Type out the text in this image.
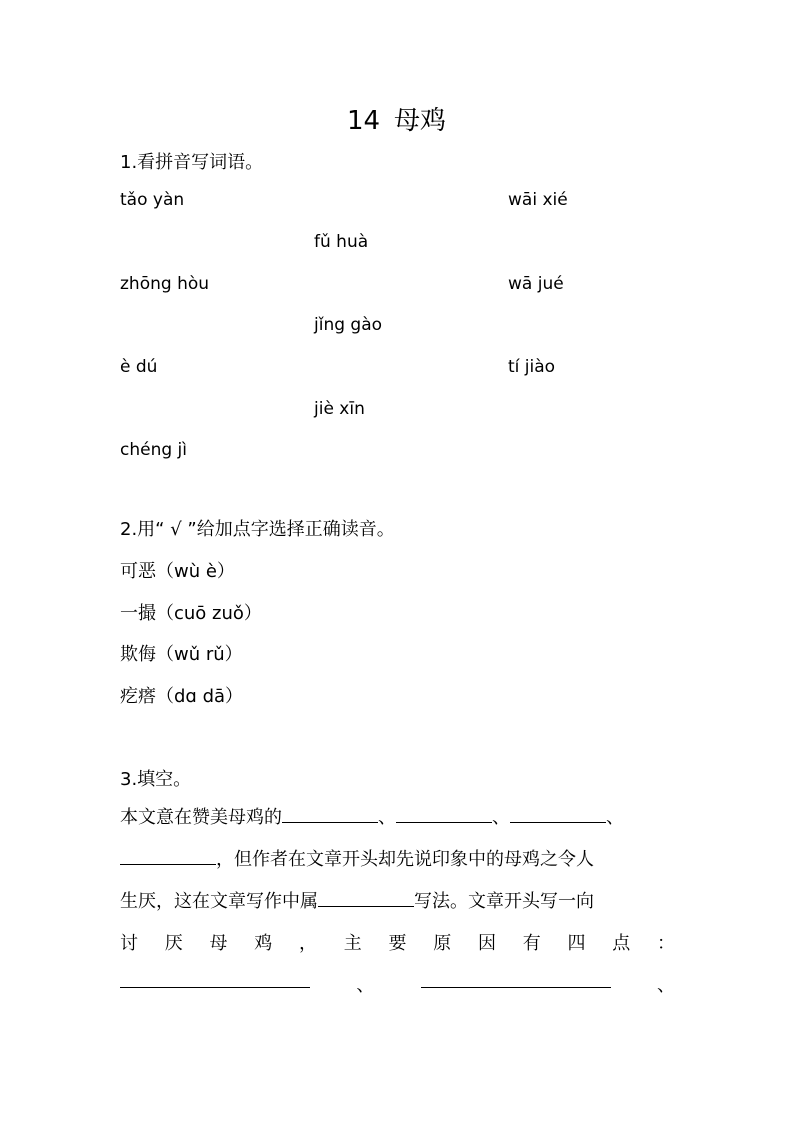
14 母鸡
1.看拼音写词语。
tǎo yàn	wāi xié
fǔ huà
zhōng hòu	wā jué
jǐng gào
è dú	tí jiào
jiè xīn
chéng jì
2.用“ √ ”给加点字选择正确读音。
可恶（wù è）
一撮（cuō zuǒ）
欺侮（wǔ rǔ）
疙瘩（dɑ dā）
3.填空。
本文意在赞美母鸡的	、	、	、
，但作者在文章开头却先说印象中的母鸡之令人
生厌，这在文章写作中属	写法。文章开头写一向
讨 厌 母 鸡 ， 主 要 原 因 有 四 点 ：
、	、
